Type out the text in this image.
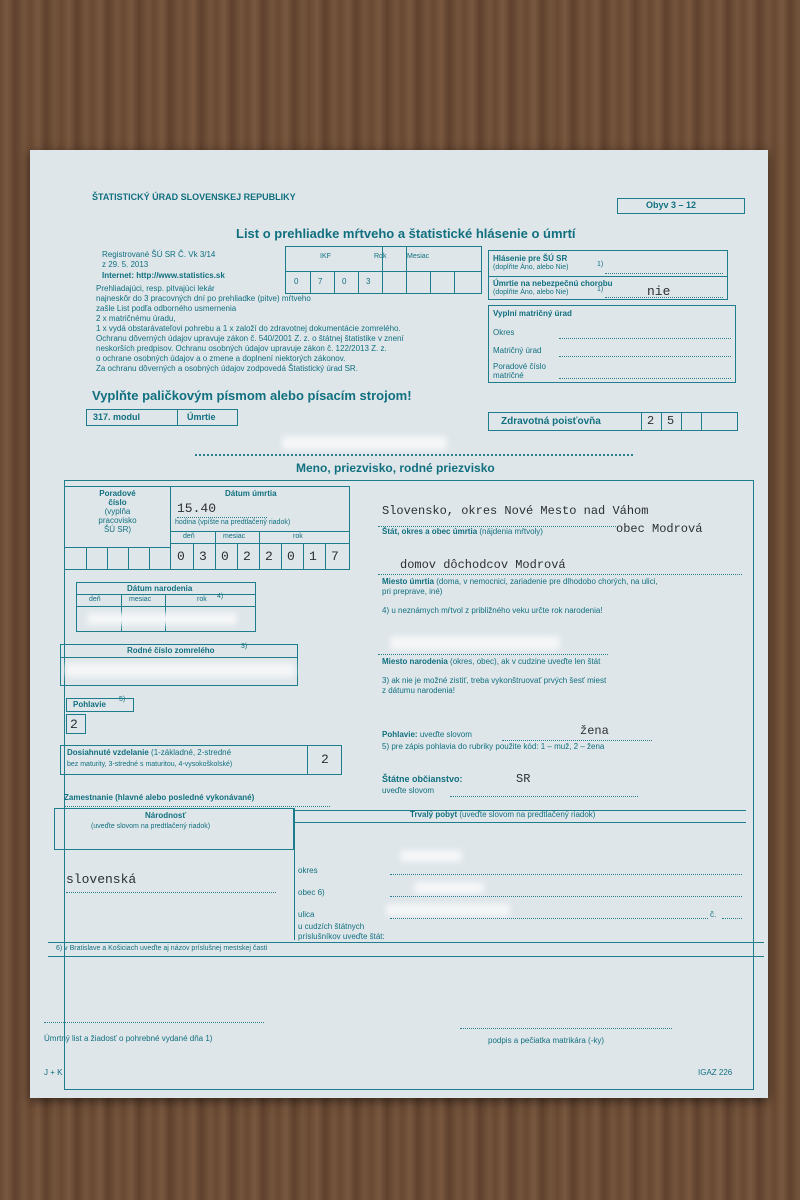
ŠTATISTICKÝ ÚRAD SLOVENSKEJ REPUBLIKY
Obyv 3 – 12
List o prehliadke mŕtveho a štatistické hlásenie o úmrtí
Registrované ŠÚ SR Č. Vk 3/14
z 29. 5. 2013
Internet: http://www.statistics.sk
IKF	Rok	Mesiac
0 7 0 3
Prehliadajúci, resp. pitvajúci lekár
najneskôr do 3 pracovných dní po prehliadke (pitve) mŕtveho
zašle List podľa odborného usmernenia
2 x matričnému úradu,
1 x vydá obstarávateľovi pohrebu a 1 x založí do zdravotnej dokumentácie zomrelého.
Ochranu dôverných údajov upravuje zákon č. 540/2001 Z. z. o štátnej štatistike v znení
neskorších predpisov. Ochranu osobných údajov upravuje zákon č. 122/2013 Z. z.
o ochrane osobných údajov a o zmene a doplnení niektorých zákonov.
Za ochranu dôverných a osobných údajov zodpovedá Štatistický úrad SR.
Hlásenie pre ŠÚ SR
(doplňte Áno, alebo Nie)	1)
Úmrtie na nebezpečnú chorobu
(doplňte Áno, alebo Nie)	1)	nie
Vyplní matričný úrad
Okres
Matričný úrad
Poradové číslo
matričné
Vyplňte paličkovým písmom alebo písacím strojom!
317. modul	Úmrtie	Zdravotná poisťovňa	2 5
Meno, priezvisko, rodné priezvisko
Poradové
číslo
(vyplňa
pracovisko
ŠÚ SR)
Dátum úmrtia
15.40
hodina (vpíšte na predtlačený riadok)
deň	mesiac	rok
0 3 0 2 2 0 1 7
Dátum narodenia
deň	mesiac	rok 4)
Rodné číslo zomrelého	3)
Pohlavie
5)
2
Dosiahnuté vzdelanie (1-základné, 2-stredné
bez maturity, 3-stredné s maturitou, 4-vysokoškolské)	2
Zamestnanie (hlavné alebo posledné vykonávané)
Národnosť
(uveďte slovom na predtlačený riadok)
slovenská
Slovensko, okres Nové Mesto nad Váhom
obec Modrová
Štát, okres a obec úmrtia (nájdenia mŕtvoly)
domov dôchodcov Modrová
Miesto úmrtia (doma, v nemocnici, zariadenie pre dlhodobo chorých, na ulici,
pri preprave, iné)
4) u neznámych mŕtvol z približného veku určte rok narodenia!
Miesto narodenia (okres, obec), ak v cudzine uveďte len štát
3) ak nie je možné zistiť, treba vykonštruovať prvých šesť miest
z dátumu narodenia!
Pohlavie: uveďte slovom	žena
5) pre zápis pohlavia do rubriky použite kód: 1 – muž, 2 – žena
Štátne občianstvo:	SR
uveďte slovom
Trvalý pobyt (uveďte slovom na predtlačený riadok)
okres
obec 6)
ulica	č.
u cudzích štátnych
príslušníkov uveďte štát:
6) v Bratislave a Košiciach uveďte aj názov príslušnej mestskej časti
Úmrtný list a žiadosť o pohrebné vydané dňa 1)	podpis a pečiatka matrikára (-ky)
J + K	IGAZ 226
